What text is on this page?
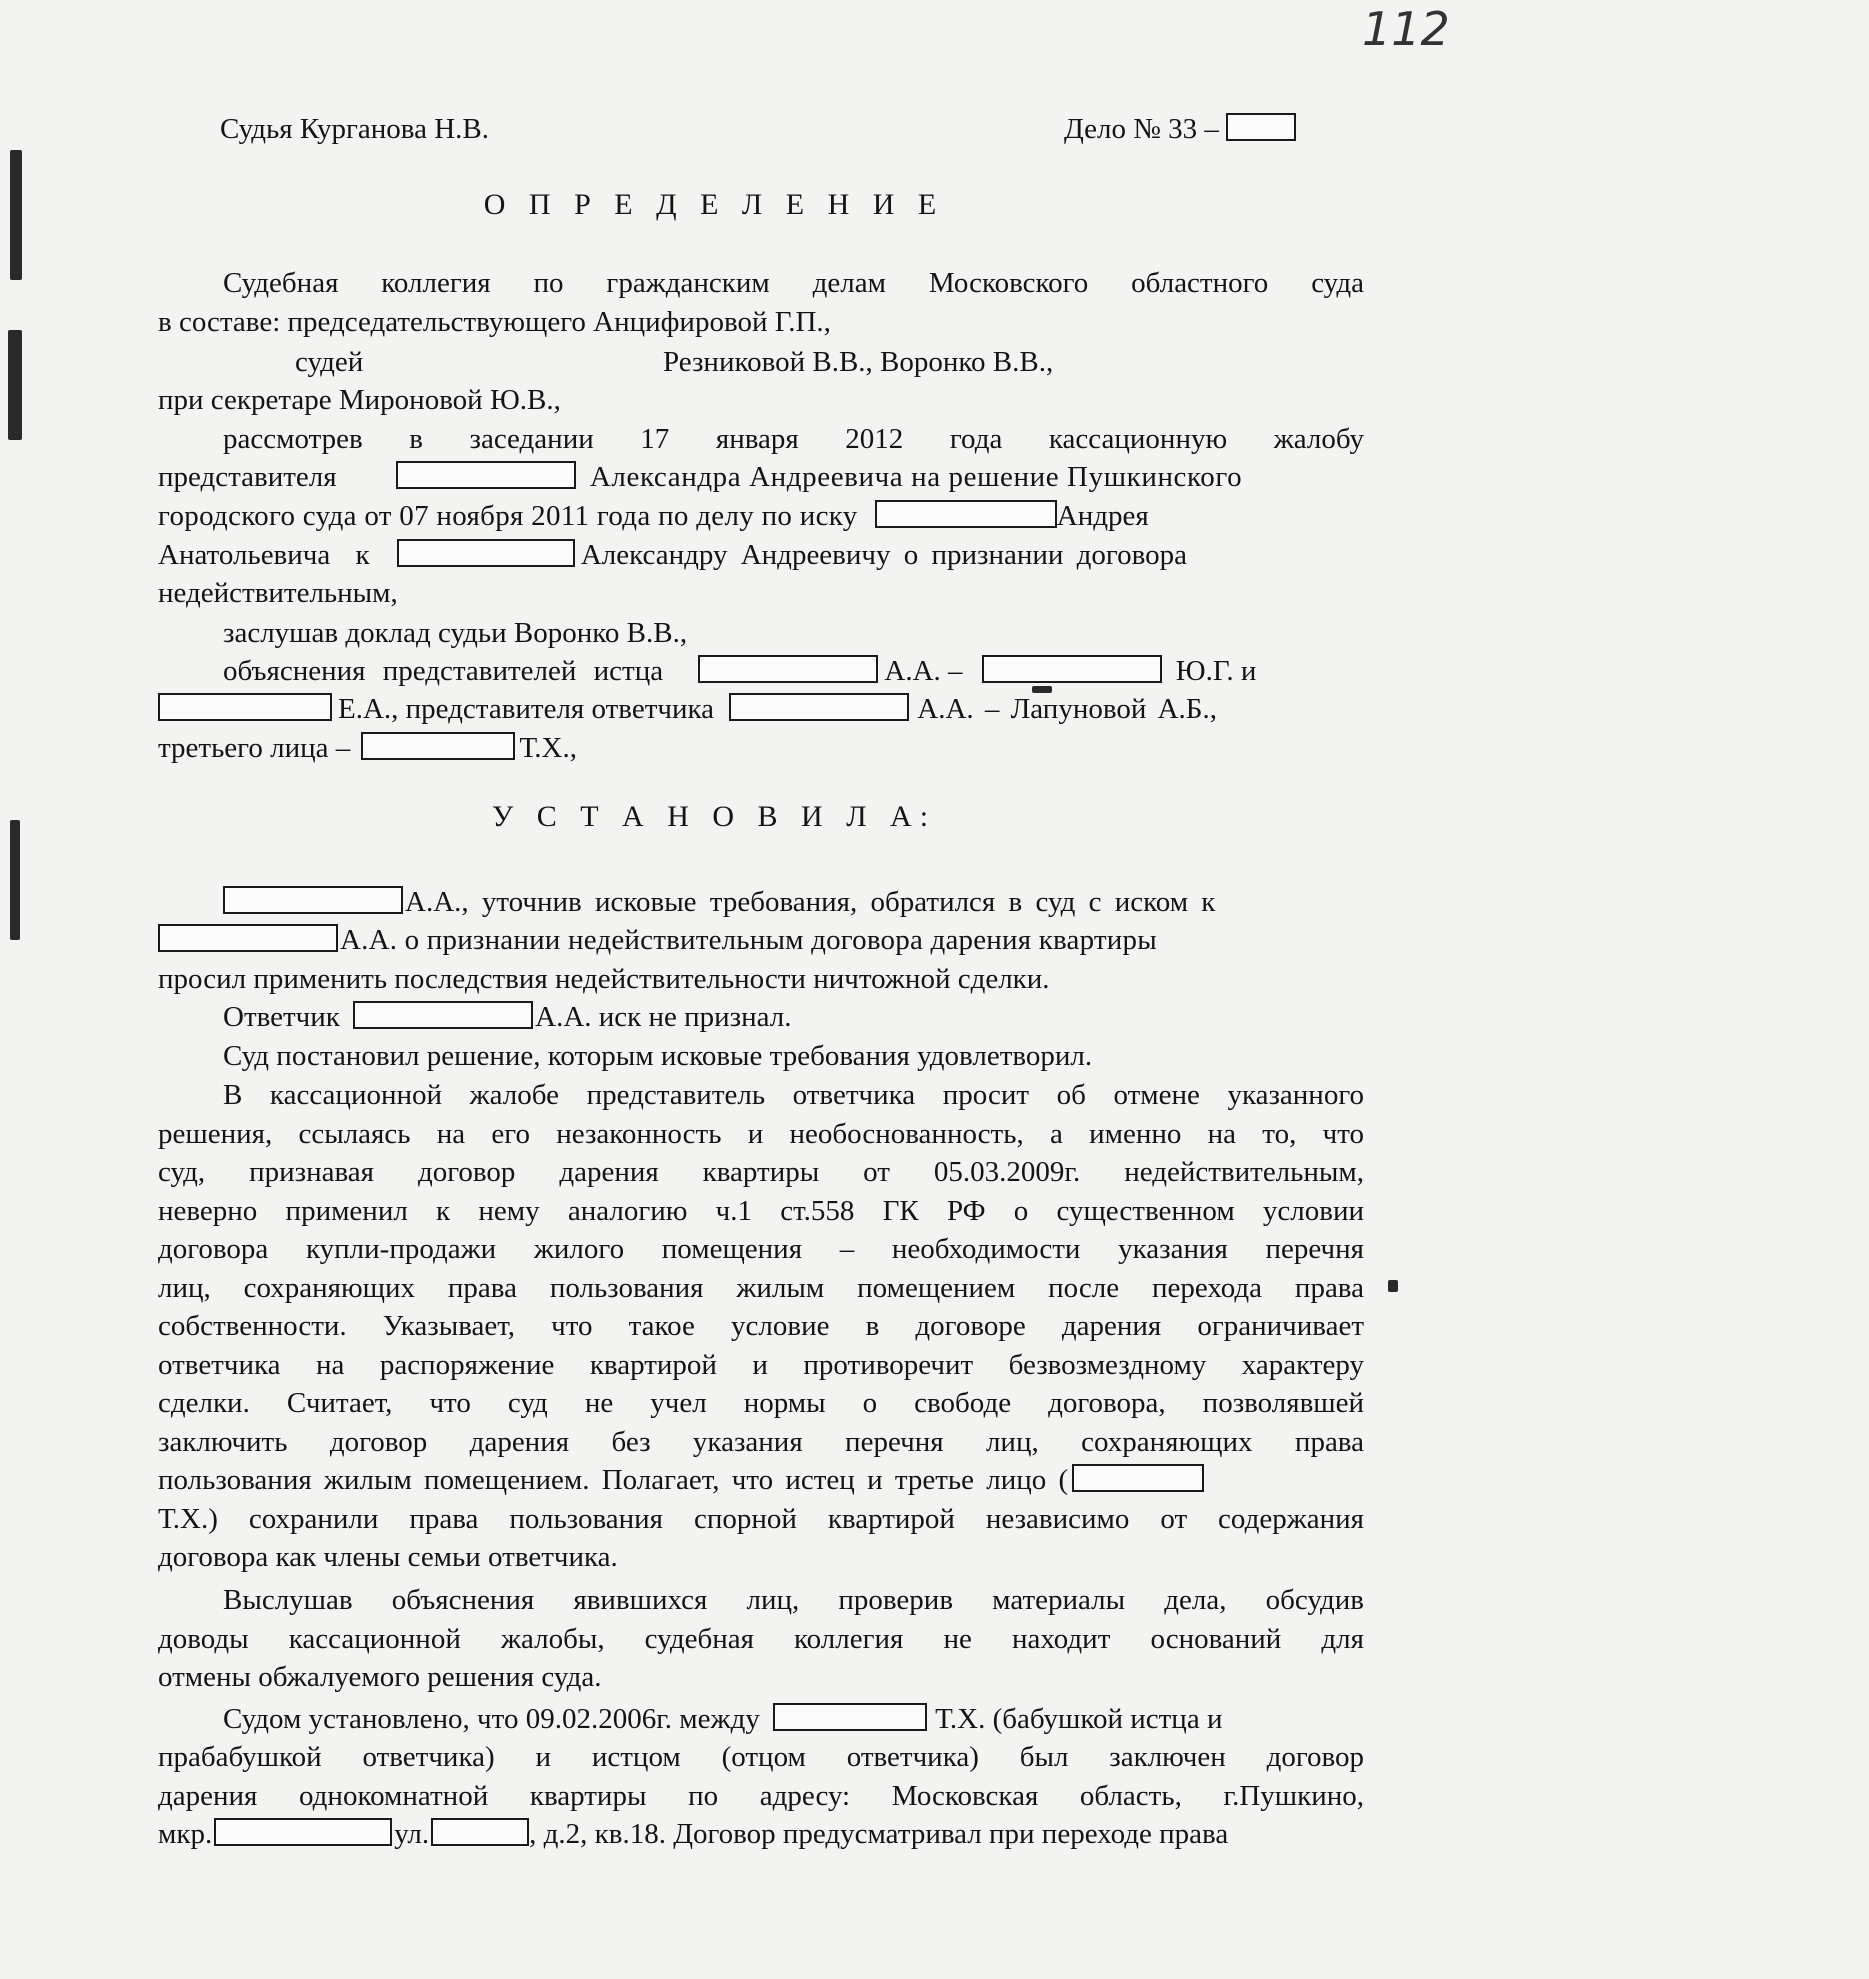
112
Судья Курганова Н.В.	Дело № 33 –
О П Р Е Д Е Л Е Н И Е
Судебная коллегия по гражданским делам Московского областного суда
в составе: председательствующего Анцифировой Г.П.,
судей	Резниковой В.В., Воронко В.В.,
при секретаре Мироновой Ю.В.,
рассмотрев в заседании 17 января 2012 года кассационную жалобу
представителя	Александра Андреевича на решение Пушкинского
городского суда от 07 ноября 2011 года по делу по иску	Андрея
Анатольевича к	Александру Андреевичу о признании договора
недействительным,
заслушав доклад судьи Воронко В.В.,
объяснения представителей истца	А.А. –	Ю.Г. и
Е.А., представителя ответчика	А.А. – Лапуновой А.Б.,
третьего лица –	Т.Х.,
У С Т А Н О В И Л А:
А.А., уточнив исковые требования, обратился в суд с иском к
А.А. о признании недействительным договора дарения квартиры
просил применить последствия недействительности ничтожной сделки.
Ответчик	А.А. иск не признал.
Суд постановил решение, которым исковые требования удовлетворил.
В кассационной жалобе представитель ответчика просит об отмене указанного
решения, ссылаясь на его незаконность и необоснованность, а именно на то, что
суд, признавая договор дарения квартиры от 05.03.2009г. недействительным,
неверно применил к нему аналогию ч.1 ст.558 ГК РФ о существенном условии
договора купли-продажи жилого помещения – необходимости указания перечня
лиц, сохраняющих права пользования жилым помещением после перехода права
собственности. Указывает, что такое условие в договоре дарения ограничивает
ответчика на распоряжение квартирой и противоречит безвозмездному характеру
сделки. Считает, что суд не учел нормы о свободе договора, позволявшей
заключить договор дарения без указания перечня лиц, сохраняющих права
пользования жилым помещением. Полагает, что истец и третье лицо (
Т.Х.) сохранили права пользования спорной квартирой независимо от содержания
договора как члены семьи ответчика.
Выслушав объяснения явившихся лиц, проверив материалы дела, обсудив
доводы кассационной жалобы, судебная коллегия не находит оснований для
отмены обжалуемого решения суда.
Судом установлено, что 09.02.2006г. между	Т.Х. (бабушкой истца и
прабабушкой ответчика) и истцом (отцом ответчика) был заключен договор
дарения однокомнатной квартиры по адресу: Московская область, г.Пушкино,
мкр.	ул.	, д.2, кв.18. Договор предусматривал при переходе права
